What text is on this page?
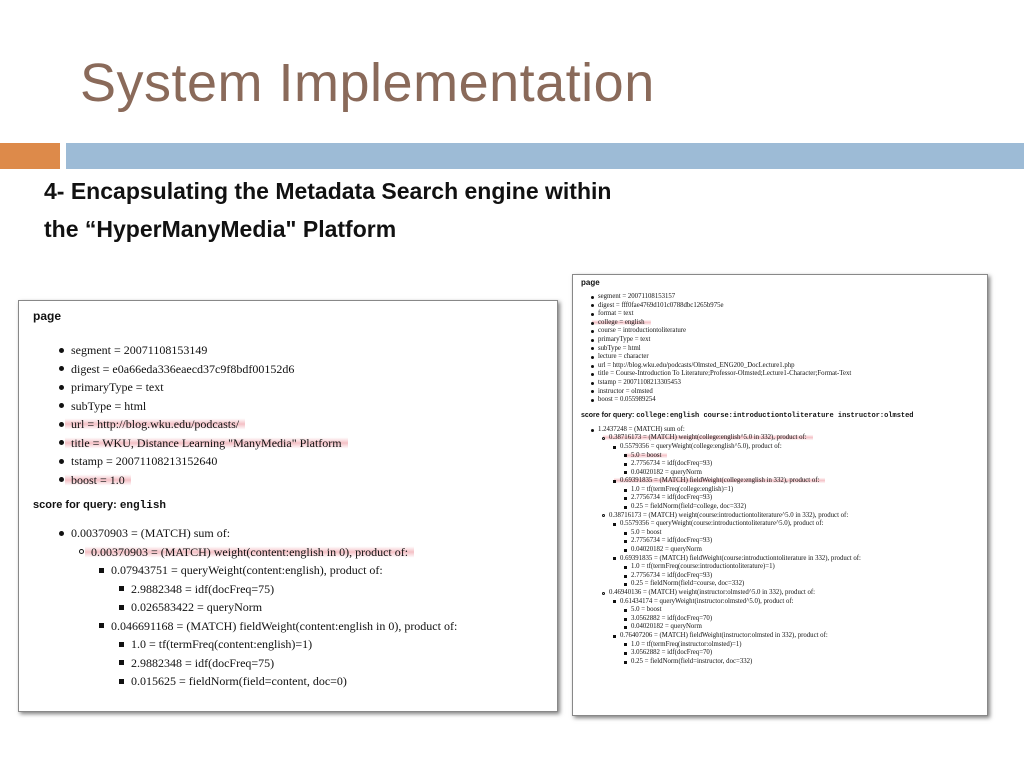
System Implementation
4- Encapsulating the Metadata Search engine within
the “HyperManyMedia" Platform
page
segment = 20071108153149
digest = e0a66eda336eaecd37c9f8bdf00152d6
primaryType = text
subType = html
url = http://blog.wku.edu/podcasts/
title = WKU, Distance Learning "ManyMedia" Platform
tstamp = 20071108213152640
boost = 1.0
score for query: english
0.00370903 = (MATCH) sum of:
0.00370903 = (MATCH) weight(content:english in 0), product of:
0.07943751 = queryWeight(content:english), product of:
2.9882348 = idf(docFreq=75)
0.026583422 = queryNorm
0.046691168 = (MATCH) fieldWeight(content:english in 0), product of:
1.0 = tf(termFreq(content:english)=1)
2.9882348 = idf(docFreq=75)
0.015625 = fieldNorm(field=content, doc=0)
page
segment = 20071108153157
digest = fff0fae4769d101c0788dbc1265b975e
format = text
college = english
course = introductiontoliterature
primaryType = text
subType = html
lecture = character
url = http://blog.wku.edu/podcasts/Olmsted_ENG200_DocLecture1.php
title = Course-Introduction To Literature;Professor-Olmsted;Lecture1-Character;Format-Text
tstamp = 20071108213305453
instructor = olmsted
boost = 0.055989254
score for query: college:english course:introductiontoliterature instructor:olmsted
1.2437248 = (MATCH) sum of:
0.38716173 = (MATCH) weight(college:english^5.0 in 332), product of:
0.5579356 = queryWeight(college:english^5.0), product of:
5.0 = boost
2.7756734 = idf(docFreq=93)
0.04020182 = queryNorm
0.69391835 = (MATCH) fieldWeight(college:english in 332), product of:
1.0 = tf(termFreq(college:english)=1)
2.7756734 = idf(docFreq=93)
0.25 = fieldNorm(field=college, doc=332)
0.38716173 = (MATCH) weight(course:introductiontoliterature^5.0 in 332), product of:
0.5579356 = queryWeight(course:introductiontoliterature^5.0), product of:
5.0 = boost
2.7756734 = idf(docFreq=93)
0.04020182 = queryNorm
0.69391835 = (MATCH) fieldWeight(course:introductiontoliterature in 332), product of:
1.0 = tf(termFreq(course:introductiontoliterature)=1)
2.7756734 = idf(docFreq=93)
0.25 = fieldNorm(field=course, doc=332)
0.46940136 = (MATCH) weight(instructor:olmsted^5.0 in 332), product of:
0.61434174 = queryWeight(instructor:olmsted^5.0), product of:
5.0 = boost
3.0562882 = idf(docFreq=70)
0.04020182 = queryNorm
0.76407206 = (MATCH) fieldWeight(instructor:olmsted in 332), product of:
1.0 = tf(termFreq(instructor:olmsted)=1)
3.0562882 = idf(docFreq=70)
0.25 = fieldNorm(field=instructor, doc=332)
